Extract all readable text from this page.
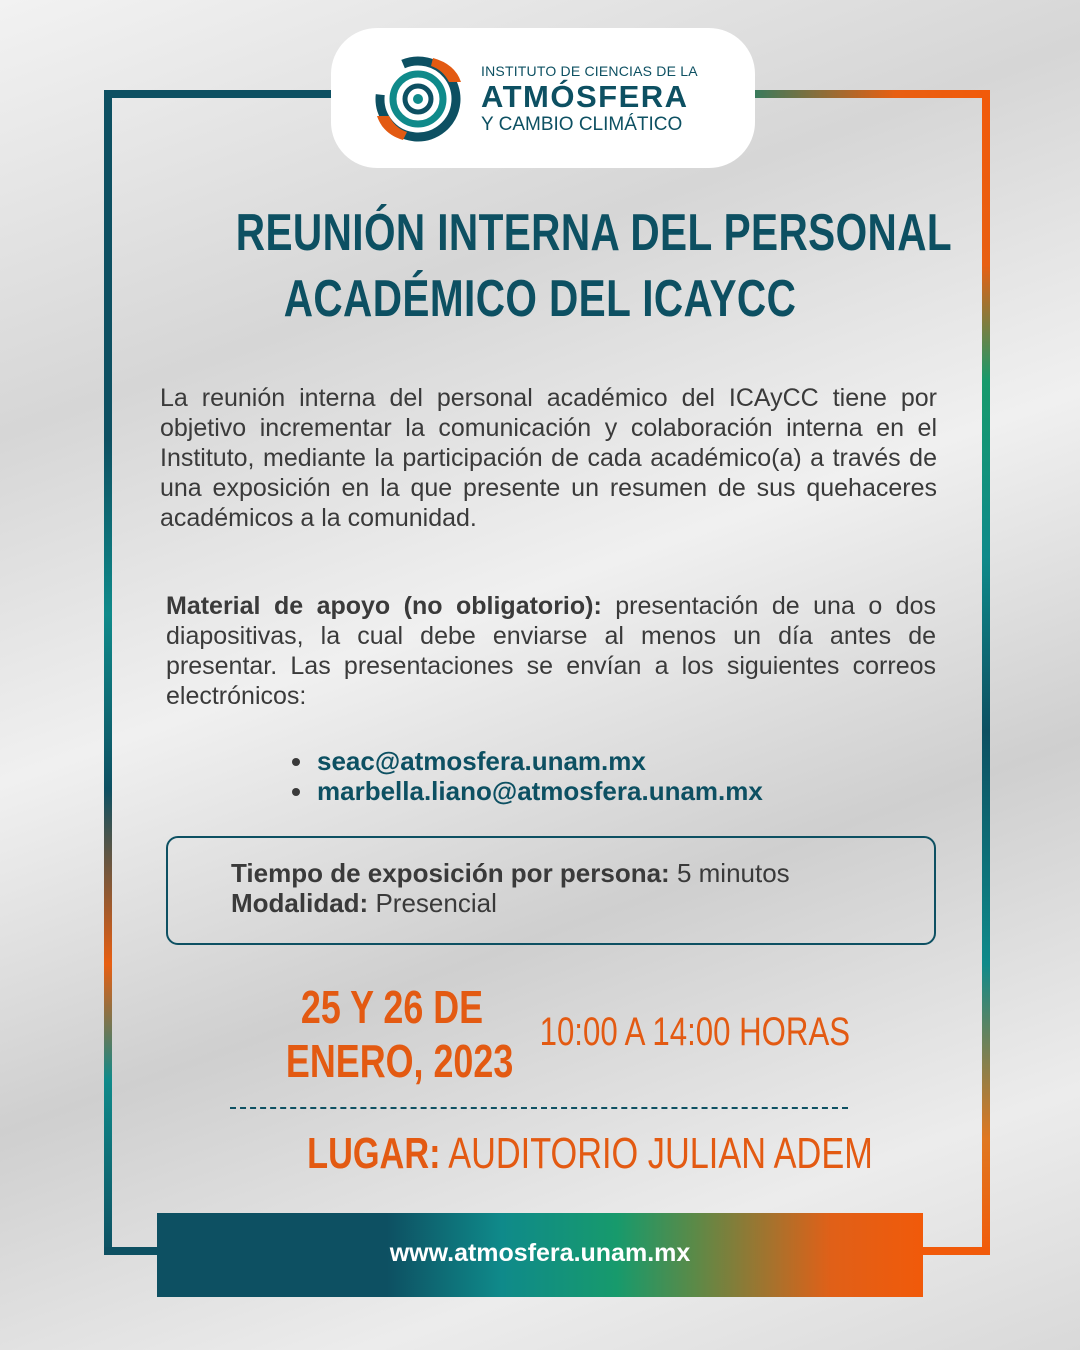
INSTITUTO DE CIENCIAS DE LA
ATMÓSFERA
Y CAMBIO CLIMÁTICO
REUNIÓN INTERNA DEL PERSONAL
ACADÉMICO DEL ICAYCC
La reunión interna del personal académico del ICAyCC tiene por objetivo incrementar la comunicación y colaboración interna en el Instituto, mediante la participación de cada académico(a) a través de una exposición en la que presente un resumen de sus quehaceres académicos a la comunidad.
Material de apoyo (no obligatorio): presentación de una o dos diapositivas, la cual debe enviarse al menos un día antes de presentar. Las presentaciones se envían a los siguientes correos electrónicos:
seac@atmosfera.unam.mx
marbella.liano@atmosfera.unam.mx
Tiempo de exposición por persona: 5 minutos
Modalidad: Presencial
25 Y 26 DE
ENERO, 2023
10:00 A 14:00 HORAS
LUGAR: AUDITORIO JULIAN ADEM
www.atmosfera.unam.mx
